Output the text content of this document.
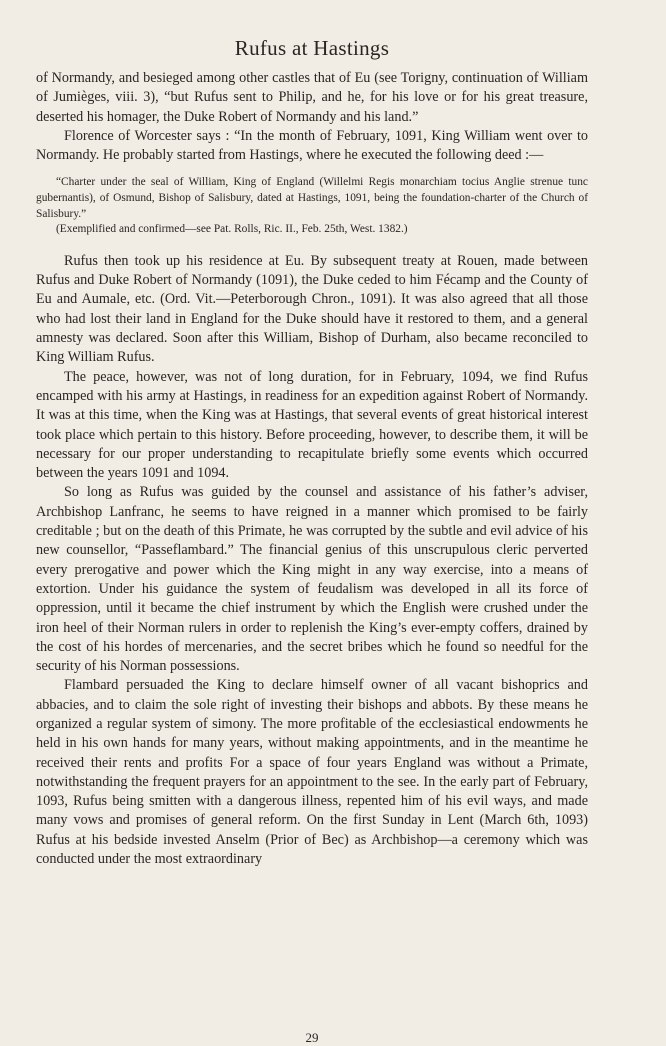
Rufus at Hastings

of Normandy, and besieged among other castles that of Eu (see Torigny, continuation of William of Jumièges, viii. 3), “but Rufus sent to Philip, and he, for his love or for his great treasure, deserted his homager, the Duke Robert of Normandy and his land.”

Florence of Worcester says : “In the month of February, 1091, King William went over to Normandy. He probably started from Hastings, where he executed the following deed :—

“Charter under the seal of William, King of England (Willelmi Regis monarchiam tocius Anglie strenue tunc gubernantis), of Osmund, Bishop of Salisbury, dated at Hastings, 1091, being the foundation-charter of the Church of Salisbury.”

(Exemplified and confirmed—see Pat. Rolls, Ric. II., Feb. 25th, West. 1382.)

Rufus then took up his residence at Eu. By subsequent treaty at Rouen, made between Rufus and Duke Robert of Normandy (1091), the Duke ceded to him Fécamp and the County of Eu and Aumale, etc. (Ord. Vit.—Peterborough Chron., 1091). It was also agreed that all those who had lost their land in England for the Duke should have it restored to them, and a general amnesty was declared. Soon after this William, Bishop of Durham, also became reconciled to King William Rufus.

The peace, however, was not of long duration, for in February, 1094, we find Rufus encamped with his army at Hastings, in readiness for an expedition against Robert of Normandy. It was at this time, when the King was at Hastings, that several events of great historical interest took place which pertain to this history. Before proceeding, however, to describe them, it will be necessary for our proper understanding to recapitulate briefly some events which occurred between the years 1091 and 1094.

So long as Rufus was guided by the counsel and assistance of his father’s adviser, Archbishop Lanfranc, he seems to have reigned in a manner which promised to be fairly creditable ; but on the death of this Primate, he was corrupted by the subtle and evil advice of his new counsellor, “Passeflambard.” The financial genius of this unscrupulous cleric perverted every prerogative and power which the King might in any way exercise, into a means of extortion. Under his guidance the system of feudalism was developed in all its force of oppression, until it became the chief instrument by which the English were crushed under the iron heel of their Norman rulers in order to replenish the King’s ever-empty coffers, drained by the cost of his hordes of mercenaries, and the secret bribes which he found so needful for the security of his Norman possessions.

Flambard persuaded the King to declare himself owner of all vacant bishoprics and abbacies, and to claim the sole right of investing their bishops and abbots. By these means he organized a regular system of simony. The more profitable of the ecclesiastical endowments he held in his own hands for many years, without making appointments, and in the meantime he received their rents and profits For a space of four years England was without a Primate, notwithstanding the frequent prayers for an appointment to the see. In the early part of February, 1093, Rufus being smitten with a dangerous illness, repented him of his evil ways, and made many vows and promises of general reform. On the first Sunday in Lent (March 6th, 1093) Rufus at his bedside invested Anselm (Prior of Bec) as Archbishop—a ceremony which was conducted under the most extraordinary

29
